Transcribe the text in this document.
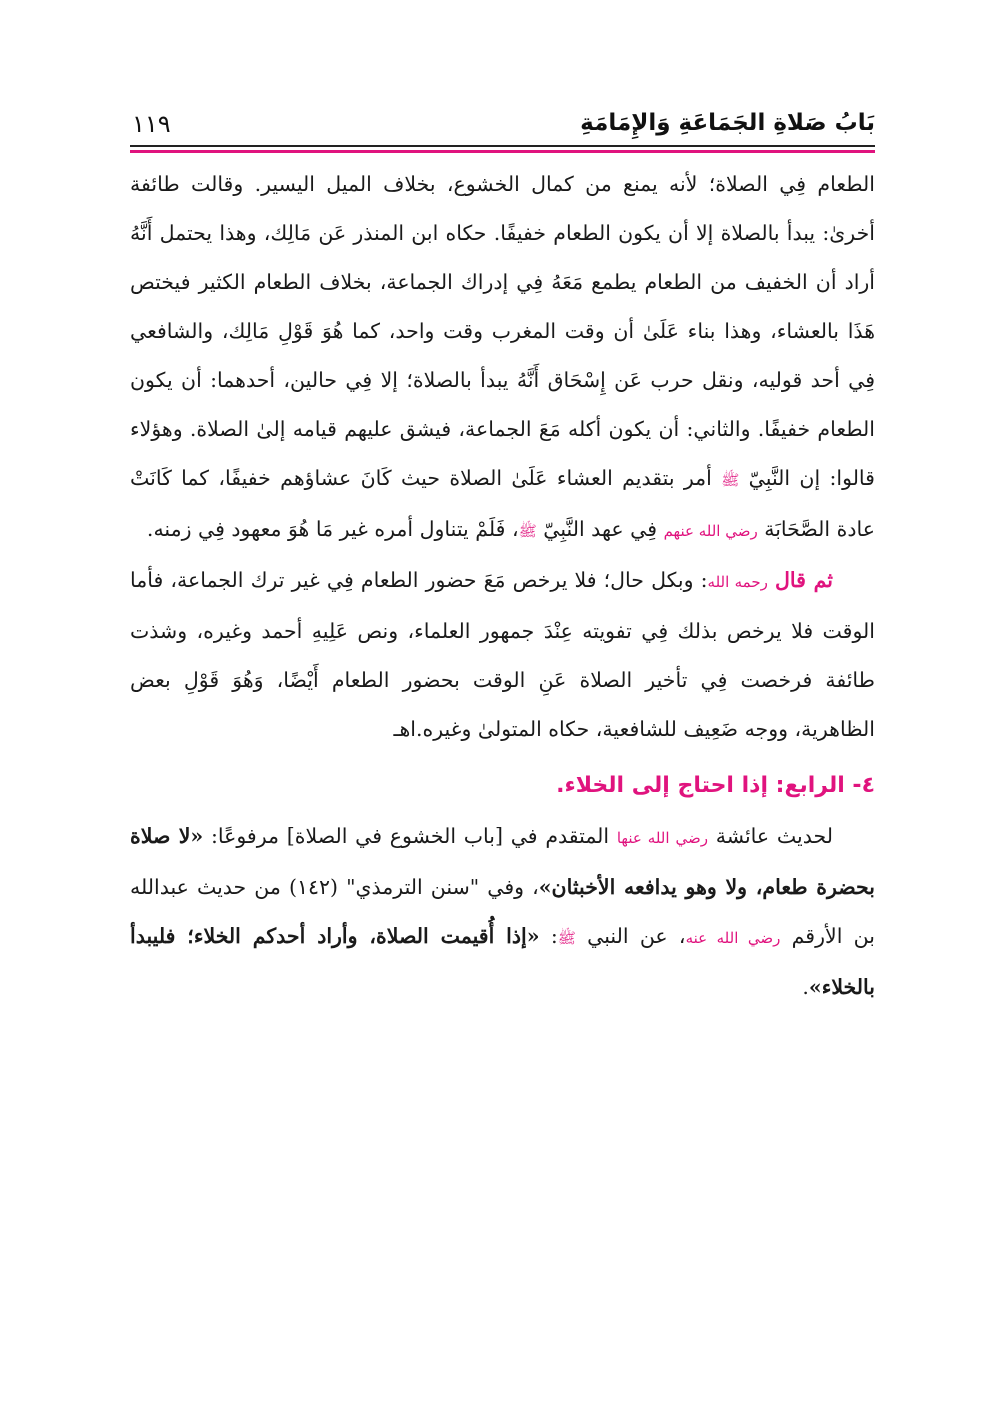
بَابُ صَلاةِ الجَمَاعَةِ وَالإِمَامَةِ
١١٩

الطعام فِي الصلاة؛ لأنه يمنع من كمال الخشوع، بخلاف الميل اليسير. وقالت طائفة أخرىٰ: يبدأ بالصلاة إلا أن يكون الطعام خفيفًا. حكاه ابن المنذر عَن مَالِك، وهذا يحتمل أَنَّهُ أراد أن الخفيف من الطعام يطمع مَعَهُ فِي إدراك الجماعة، بخلاف الطعام الكثير فيختص هَذَا بالعشاء، وهذا بناء عَلَىٰ أن وقت المغرب وقت واحد، كما هُوَ قَوْلِ مَالِك، والشافعي فِي أحد قوليه، ونقل حرب عَن إِسْحَاق أَنَّهُ يبدأ بالصلاة؛ إلا فِي حالين، أحدهما: أن يكون الطعام خفيفًا. والثاني: أن يكون أكله مَعَ الجماعة، فيشق عليهم قيامه إلىٰ الصلاة. وهؤلاء قالوا: إن النَّبِيّ ﷺ أمر بتقديم العشاء عَلَىٰ الصلاة حيث كَانَ عشاؤهم خفيفًا، كما كَانَتْ عادة الصَّحَابَة رضي الله عنهم فِي عهد النَّبِيّ ﷺ، فَلَمْ يتناول أمره غير مَا هُوَ معهود فِي زمنه.

ثم قال رحمه الله: وبكل حال؛ فلا يرخص مَعَ حضور الطعام فِي غير ترك الجماعة، فأما الوقت فلا يرخص بذلك فِي تفويته عِنْدَ جمهور العلماء، ونص عَلِيهِ أحمد وغيره، وشذت طائفة فرخصت فِي تأخير الصلاة عَنِ الوقت بحضور الطعام أَيْضًا، وَهُوَ قَوْلِ بعض الظاهرية، ووجه ضَعِيف للشافعية، حكاه المتولىٰ وغيره.اهـ

٤- الرابع: إذا احتاج إلى الخلاء.

لحديث عائشة رضي الله عنها المتقدم في [باب الخشوع في الصلاة] مرفوعًا: «لا صلاة بحضرة طعام، ولا وهو يدافعه الأخبثان»، وفي "سنن الترمذي" (١٤٢) من حديث عبدالله بن الأرقم رضي الله عنه، عن النبي ﷺ: «إذا أُقيمت الصلاة، وأراد أحدكم الخلاء؛ فليبدأ بالخلاء».
